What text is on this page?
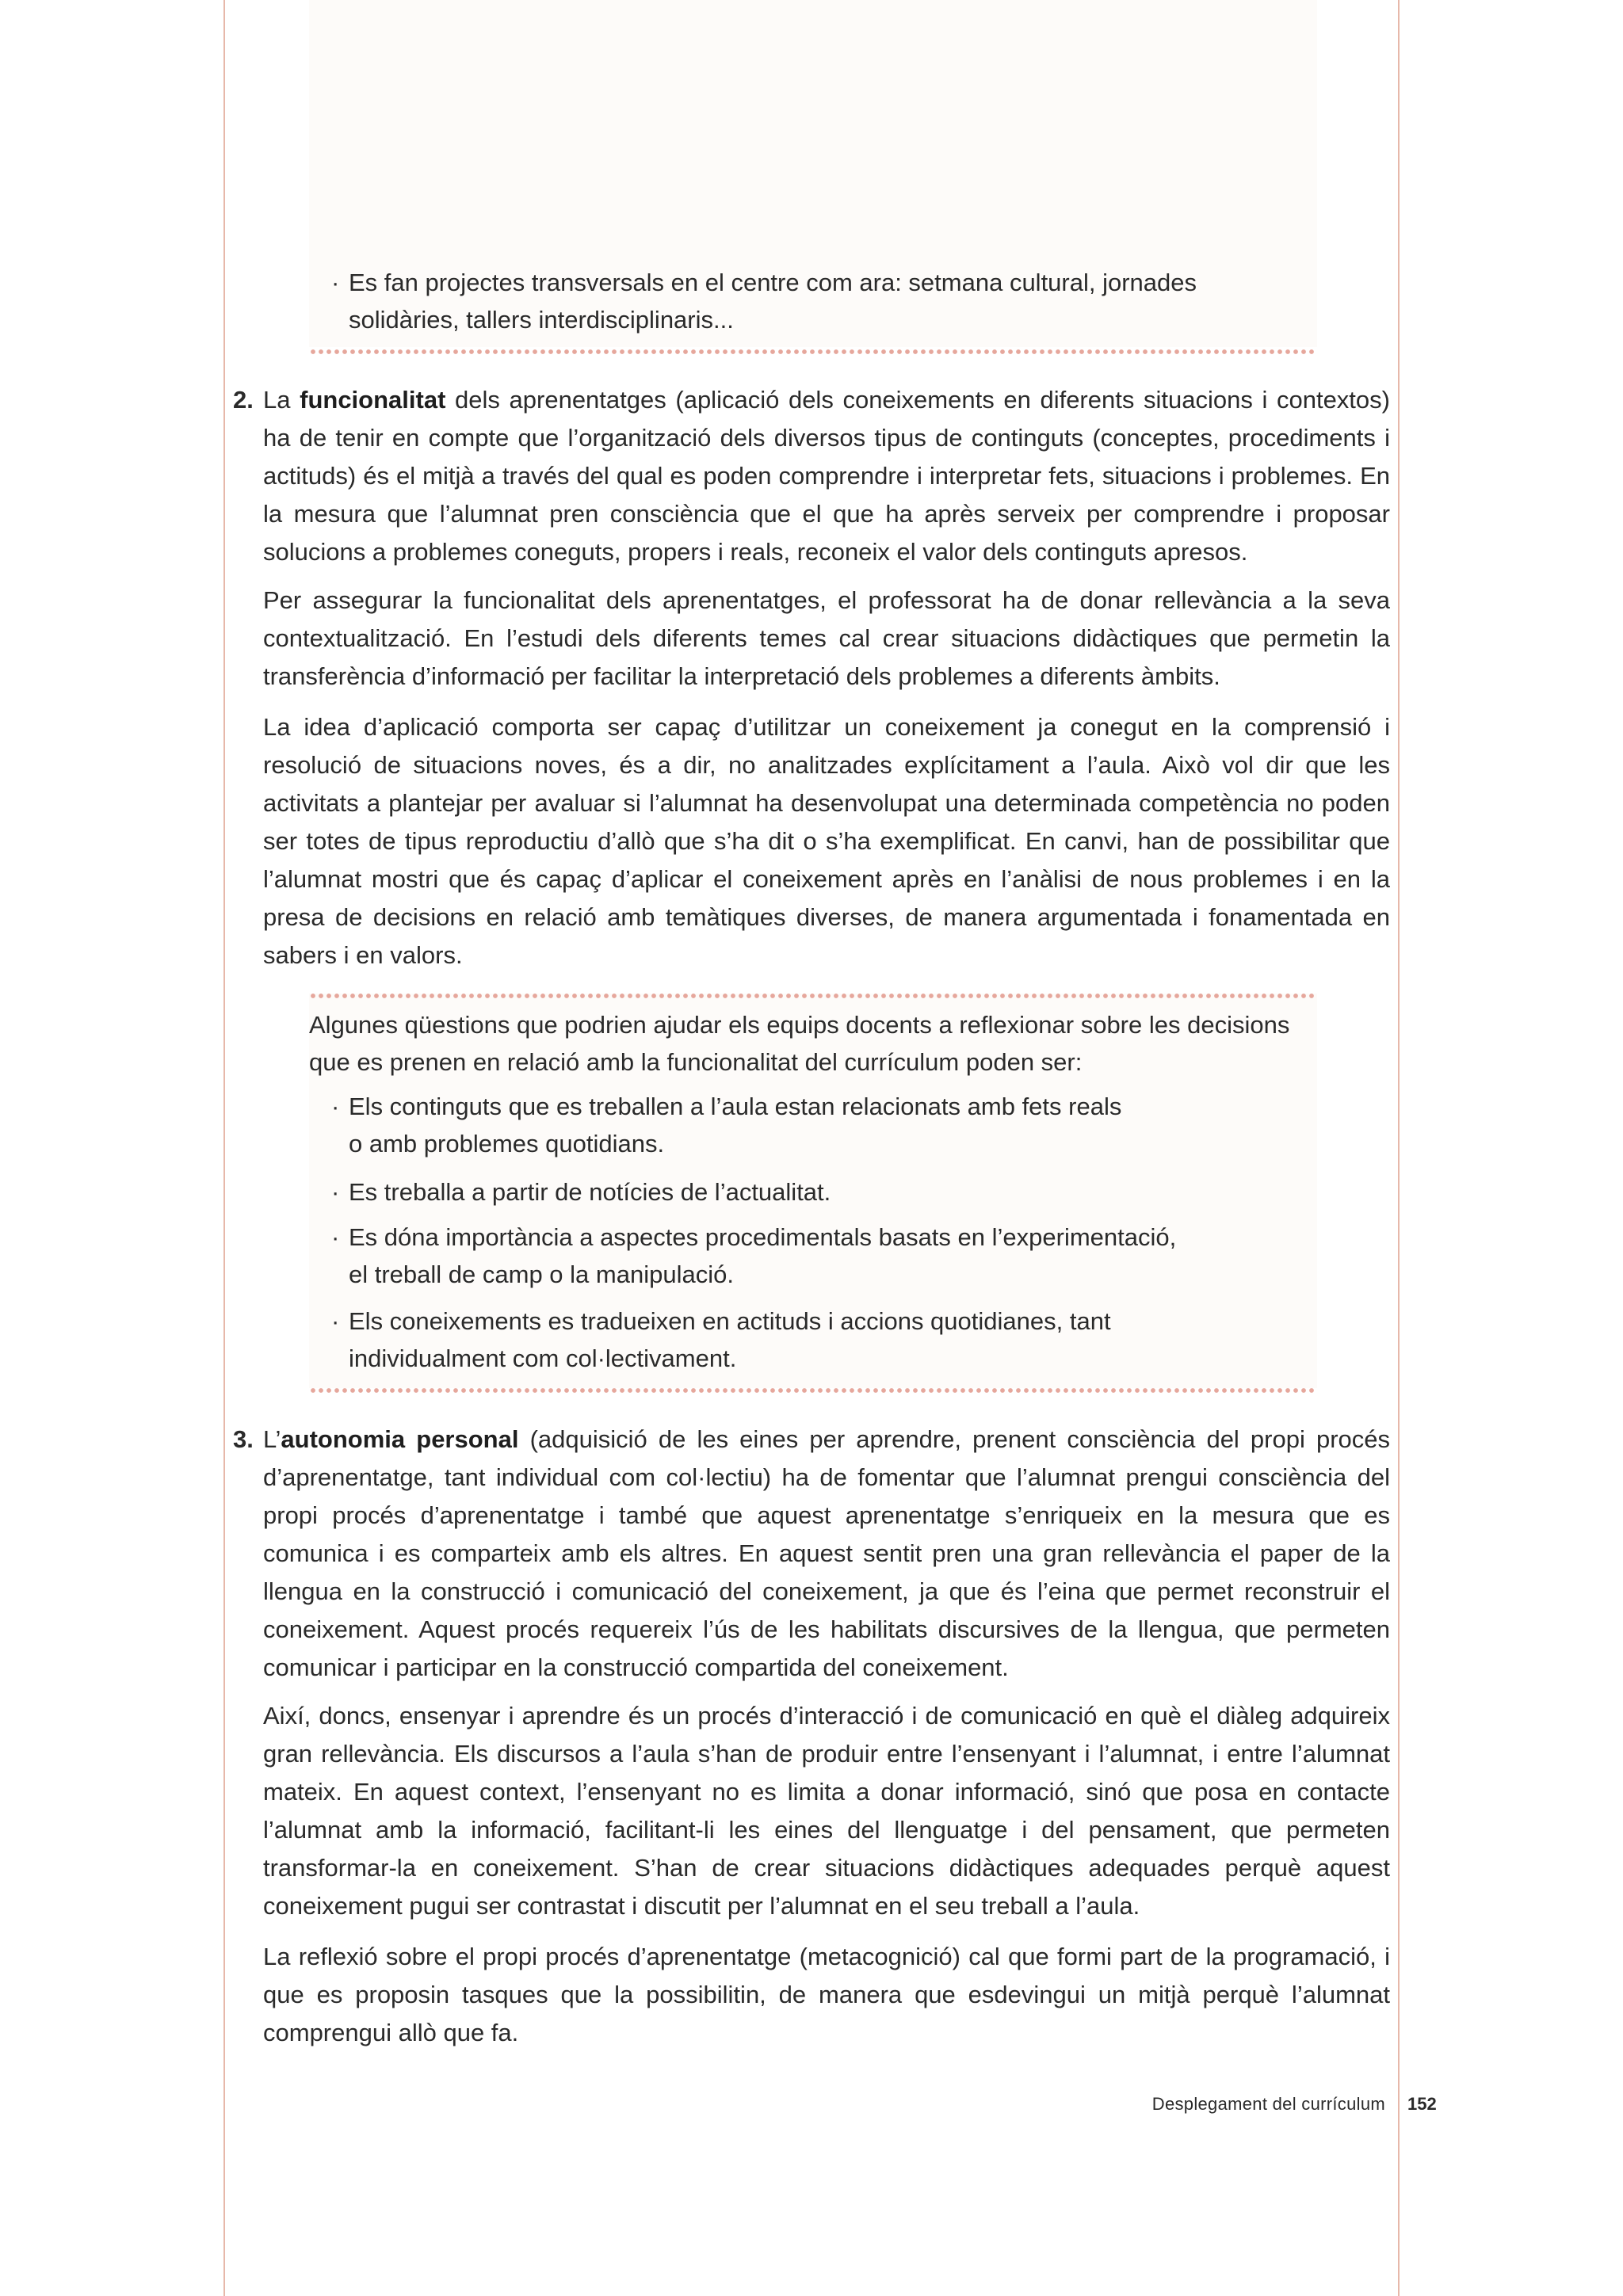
· Es fan projectes transversals en el centre com ara: setmana cultural, jornades
solidàries, tallers interdisciplinaris...
2. La funcionalitat dels aprenentatges (aplicació dels coneixements en diferents situacions i contextos) ha de tenir en compte que l’organització dels diversos tipus de continguts (conceptes, procediments i actituds) és el mitjà a través del qual es poden comprendre i interpretar fets, situacions i problemes. En la mesura que l’alumnat pren consciència que el que ha après serveix per comprendre i proposar solucions a problemes coneguts, propers i reals, reconeix el valor dels continguts apresos.
Per assegurar la funcionalitat dels aprenentatges, el professorat ha de donar rellevància a la seva contextualització. En l’estudi dels diferents temes cal crear situacions didàctiques que permetin la transferència d’informació per facilitar la interpretació dels problemes a diferents àmbits.
La idea d’aplicació comporta ser capaç d’utilitzar un coneixement ja conegut en la comprensió i resolució de situacions noves, és a dir, no analitzades explícitament a l’aula. Això vol dir que les activitats a plantejar per avaluar si l’alumnat ha desenvolupat una determinada competència no poden ser totes de tipus reproductiu d’allò que s’ha dit o s’ha exemplificat. En canvi, han de possibilitar que l’alumnat mostri que és capaç d’aplicar el coneixement après en l’anàlisi de nous problemes i en la presa de decisions en relació amb temàtiques diverses, de manera argumentada i fonamentada en sabers i en valors.
Algunes qüestions que podrien ajudar els equips docents a reflexionar sobre les decisions
que es prenen en relació amb la funcionalitat del currículum poden ser:
· Els continguts que es treballen a l’aula estan relacionats amb fets reals
o amb problemes quotidians.
· Es treballa a partir de notícies de l’actualitat.
· Es dóna importància a aspectes procedimentals basats en l’experimentació,
el treball de camp o la manipulació.
· Els coneixements es tradueixen en actituds i accions quotidianes, tant
individualment com col·lectivament.
3. L’autonomia personal (adquisició de les eines per aprendre, prenent consciència del propi procés d’aprenentatge, tant individual com col·lectiu) ha de fomentar que l’alumnat prengui consciència del propi procés d’aprenentatge i també que aquest aprenentatge s’enriqueix en la mesura que es comunica i es comparteix amb els altres. En aquest sentit pren una gran rellevància el paper de la llengua en la construcció i comunicació del coneixement, ja que és l’eina que permet reconstruir el coneixement. Aquest procés requereix l’ús de les habilitats discursives de la llengua, que permeten comunicar i participar en la construcció compartida del coneixement.
Així, doncs, ensenyar i aprendre és un procés d’interacció i de comunicació en què el diàleg adquireix gran rellevància. Els discursos a l’aula s’han de produir entre l’ensenyant i l’alumnat, i entre l’alumnat mateix. En aquest context, l’ensenyant no es limita a donar informació, sinó que posa en contacte l’alumnat amb la informació, facilitant-li les eines del llenguatge i del pensament, que permeten transformar-la en coneixement. S’han de crear situacions didàctiques adequades perquè aquest coneixement pugui ser contrastat i discutit per l’alumnat en el seu treball a l’aula.
La reflexió sobre el propi procés d’aprenentatge (metacognició) cal que formi part de la programació, i que es proposin tasques que la possibilitin, de manera que esdevingui un mitjà perquè l’alumnat comprengui allò que fa.
Desplegament del currículum 152
